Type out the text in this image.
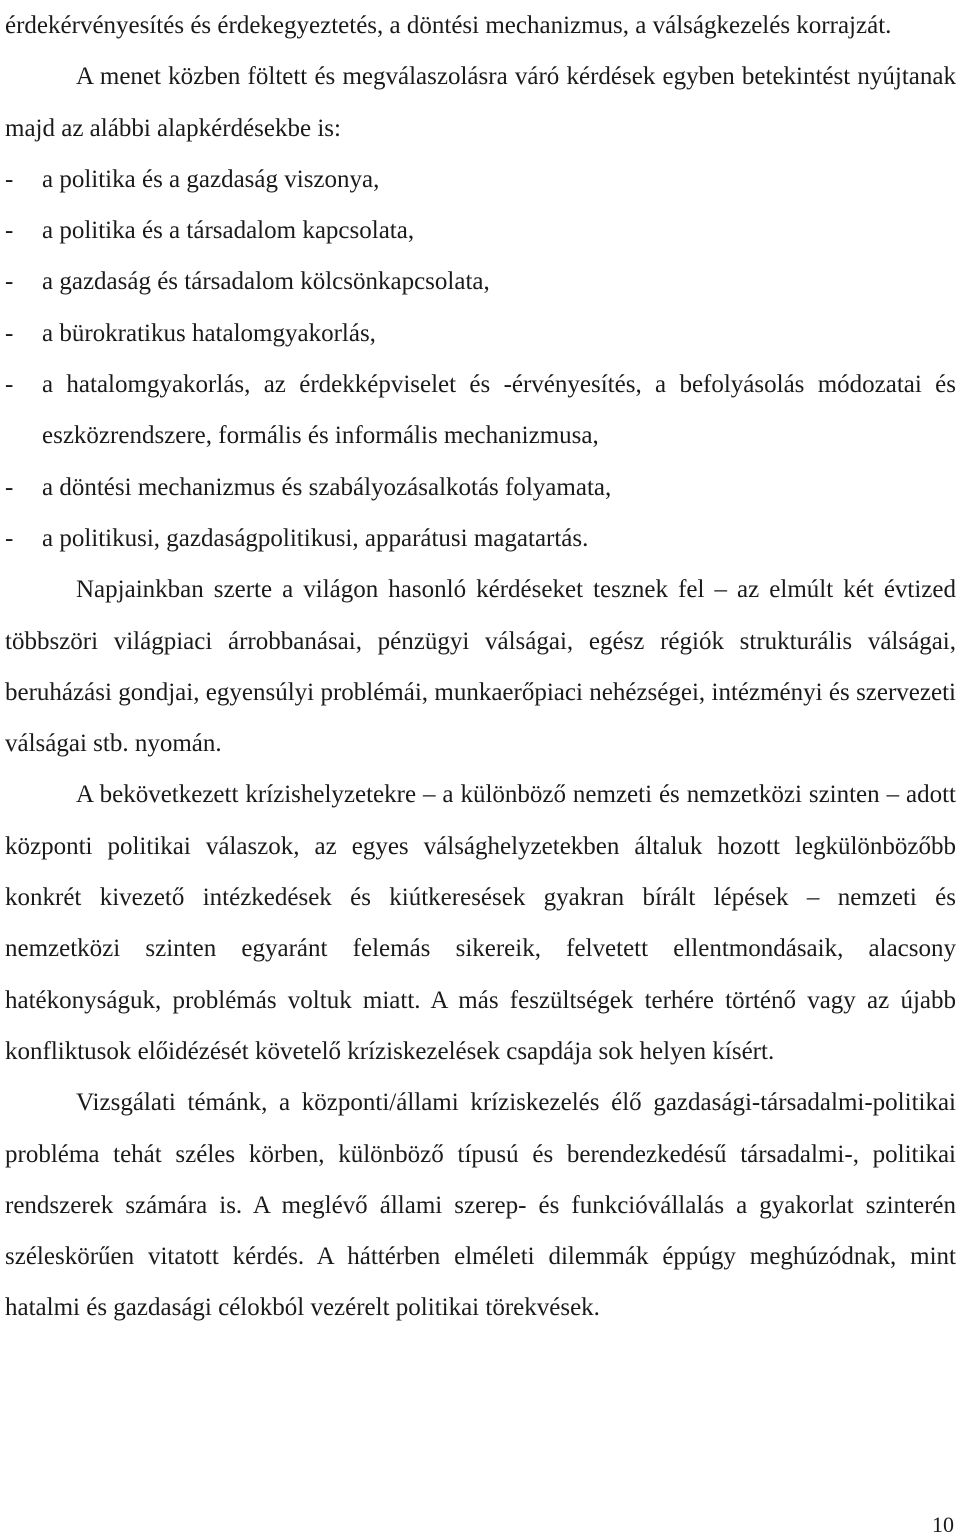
érdekérvényesítés és érdekegyeztetés, a döntési mechanizmus, a válságkezelés korrajzát.

A menet közben föltett és megválaszolásra váró kérdések egyben betekintést nyújtanak majd az alábbi alapkérdésekbe is:

- a politika és a gazdaság viszonya,
- a politika és a társadalom kapcsolata,
- a gazdaság és társadalom kölcsönkapcsolata,
- a bürokratikus hatalomgyakorlás,
- a hatalomgyakorlás, az érdekképviselet és -érvényesítés, a befolyásolás módozatai és eszközrendszere, formális és informális mechanizmusa,
- a döntési mechanizmus és szabályozásalkotás folyamata,
- a politikusi, gazdaságpolitikusi, apparátusi magatartás.

Napjainkban szerte a világon hasonló kérdéseket tesznek fel – az elmúlt két évtized többszöri világpiaci árrobbanásai, pénzügyi válságai, egész régiók strukturális válságai, beruházási gondjai, egyensúlyi problémái, munkaerőpiaci nehézségei, intézményi és szervezeti válságai stb. nyomán.

A bekövetkezett krízishelyzetekre – a különböző nemzeti és nemzetközi szinten – adott központi politikai válaszok, az egyes válsághelyzetekben általuk hozott legkülönbözőbb konkrét kivezető intézkedések és kiútkeresések gyakran bírált lépések – nemzeti és nemzetközi szinten egyaránt felemás sikereik, felvetett ellentmondásaik, alacsony hatékonyságuk, problémás voltuk miatt. A más feszültségek terhére történő vagy az újabb konfliktusok előidézését követelő kríziskezelések csapdája sok helyen kísért.

Vizsgálati témánk, a központi/állami kríziskezelés élő gazdasági-társadalmi-politikai probléma tehát széles körben, különböző típusú és berendezkedésű társadalmi-, politikai rendszerek számára is. A meglévő állami szerep- és funkcióvállalás a gyakorlat szinterén széleskörűen vitatott kérdés. A háttérben elméleti dilemmák éppúgy meghúzódnak, mint hatalmi és gazdasági célokból vezérelt politikai törekvések.

10
